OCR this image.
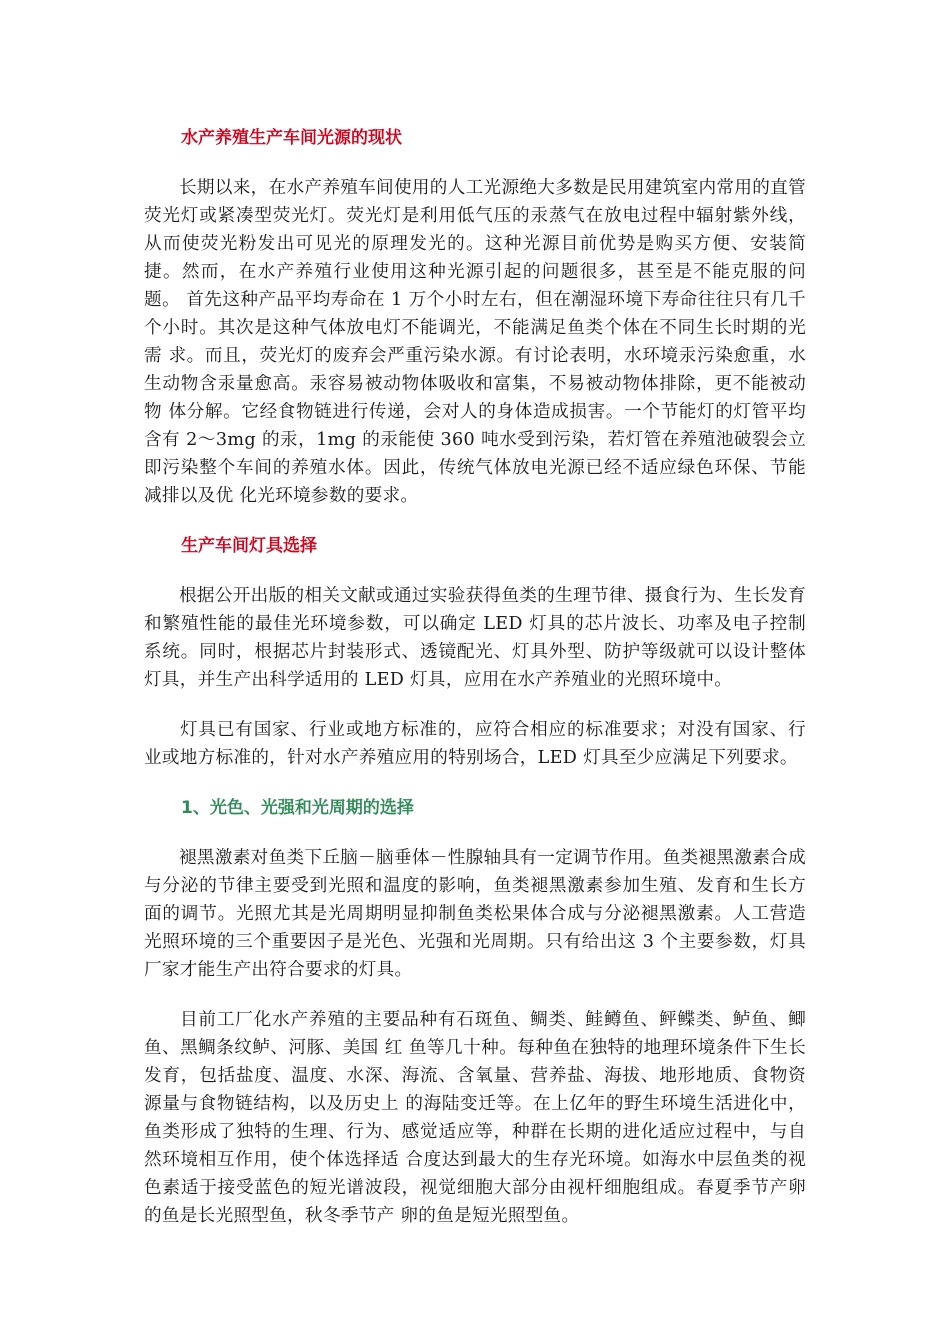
水产养殖生产车间光源的现状

长期以来，在水产养殖车间使用的人工光源绝大多数是民用建筑室内常用的直管荧光灯或紧凑型荧光灯。荧光灯是利用低气压的汞蒸气在放电过程中辐射紫外线， 从而使荧光粉发出可见光的原理发光的。这种光源目前优势是购买方便、安装简捷。然而，在水产养殖行业使用这种光源引起的问题很多，甚至是不能克服的问题。 首先这种产品平均寿命在 1 万个小时左右，但在潮湿环境下寿命往往只有几千个小时。其次是这种气体放电灯不能调光，不能满足鱼类个体在不同生长时期的光需 求。而且，荧光灯的废弃会严重污染水源。有讨论表明，水环境汞污染愈重，水生动物含汞量愈高。汞容易被动物体吸收和富集，不易被动物体排除，更不能被动物 体分解。它经食物链进行传递，会对人的身体造成损害。一个节能灯的灯管平均含有 2～3mg 的汞，1mg 的汞能使 360 吨水受到污染，若灯管在养殖池破裂会立即污染整个车间的养殖水体。因此，传统气体放电光源已经不适应绿色环保、节能减排以及优 化光环境参数的要求。

生产车间灯具选择

根据公开出版的相关文献或通过实验获得鱼类的生理节律、摄食行为、生长发育和繁殖性能的最佳光环境参数，可以确定 LED 灯具的芯片波长、功率及电子控制 系统。同时，根据芯片封装形式、透镜配光、灯具外型、防护等级就可以设计整体灯具，并生产出科学适用的 LED 灯具，应用在水产养殖业的光照环境中。

灯具已有国家、行业或地方标准的，应符合相应的标准要求；对没有国家、行业或地方标准的，针对水产养殖应用的特别场合，LED 灯具至少应满足下列要求。

1、光色、光强和光周期的选择

褪黑激素对鱼类下丘脑－脑垂体－性腺轴具有一定调节作用。鱼类褪黑激素合成与分泌的节律主要受到光照和温度的影响，鱼类褪黑激素参加生殖、发育和生长方 面的调节。光照尤其是光周期明显抑制鱼类松果体合成与分泌褪黑激素。人工营造光照环境的三个重要因子是光色、光强和光周期。只有给出这 3 个主要参数，灯具 厂家才能生产出符合要求的灯具。

目前工厂化水产养殖的主要品种有石斑鱼、鲷类、鲑鳟鱼、鲆鲽类、鲈鱼、鲫鱼、黑鲷条纹鲈、河豚、美国 红 鱼等几十种。每种鱼在独特的地理环境条件下生长发育，包括盐度、温度、水深、海流、含氧量、营养盐、海拔、地形地质、食物资源量与食物链结构，以及历史上 的海陆变迁等。在上亿年的野生环境生活进化中，鱼类形成了独特的生理、行为、感觉适应等，种群在长期的进化适应过程中，与自然环境相互作用，使个体选择适 合度达到最大的生存光环境。如海水中层鱼类的视色素适于接受蓝色的短光谱波段，视觉细胞大部分由视杆细胞组成。春夏季节产卵的鱼是长光照型鱼，秋冬季节产 卵的鱼是短光照型鱼。
